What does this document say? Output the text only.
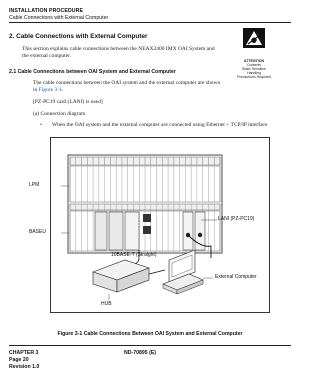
INSTALLATION PROCEDURE
Cable Connections with External Computer
2. Cable Connections with External Computer
This section explains cable connections between the NEAX2400 IMX OAI System and
the external computer.
ATTENTION
Contents
Static Sensitive
Handling
Precautions Required
2.1 Cable Connections between OAI System and External Computer
The cable connections between the OAI system and the external computer are shown
in Figure 3-1.
[PZ-PC19 card (LANI) is used]
(a) Connection diagram
• When the OAI system and the external computer are connected using Ethernet + TCP/IP interface
LPM
BASEU
LANI (PZ-PC19)
10BASE-T (Straight)
HUB
External Computer
Figure 3-1 Cable Connections Between OAI System and External Computer
CHAPTER 3
Page 20
Revision 1.0
ND-70895 (E)
